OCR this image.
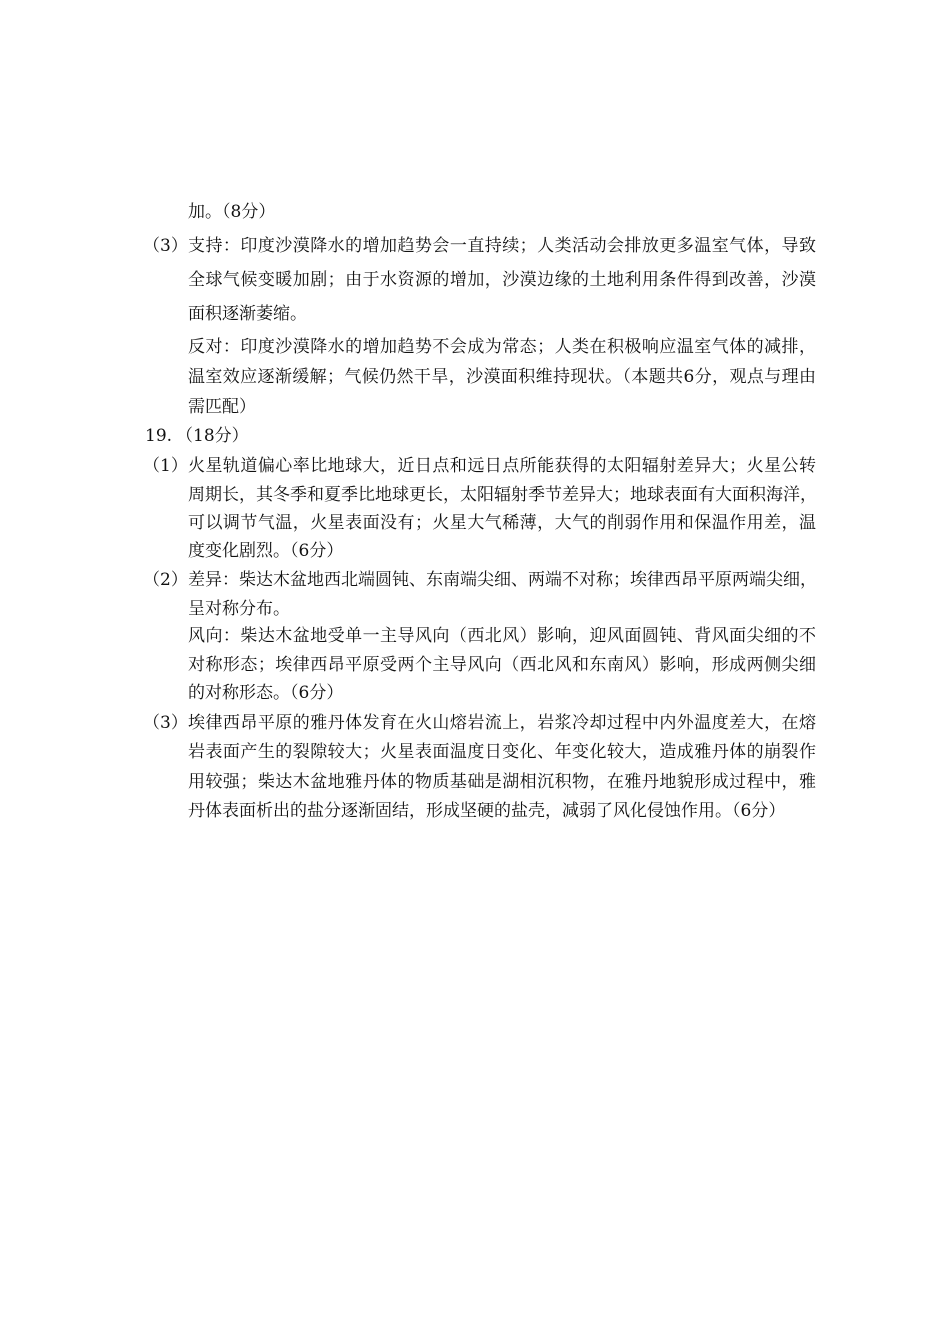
加。（8分）
（3） 支持：印度沙漠降水的增加趋势会一直持续；人类活动会排放更多温室气体，导致
全球气候变暖加剧；由于水资源的增加，沙漠边缘的土地利用条件得到改善，沙漠
面积逐渐萎缩。
反对：印度沙漠降水的增加趋势不会成为常态；人类在积极响应温室气体的减排，
温室效应逐渐缓解；气候仍然干旱，沙漠面积维持现状。（本题共6分，观点与理由
需匹配）
19. （18分）
（1） 火星轨道偏心率比地球大，近日点和远日点所能获得的太阳辐射差异大；火星公转
周期长，其冬季和夏季比地球更长，太阳辐射季节差异大；地球表面有大面积海洋，
可以调节气温，火星表面没有；火星大气稀薄，大气的削弱作用和保温作用差，温
度变化剧烈。（6分）
（2） 差异：柴达木盆地西北端圆钝、东南端尖细、两端不对称；埃律西昂平原两端尖细，
呈对称分布。
风向：柴达木盆地受单一主导风向（西北风）影响，迎风面圆钝、背风面尖细的不
对称形态；埃律西昂平原受两个主导风向（西北风和东南风）影响，形成两侧尖细
的对称形态。（6分）
（3） 埃律西昂平原的雅丹体发育在火山熔岩流上，岩浆冷却过程中内外温度差大，在熔
岩表面产生的裂隙较大；火星表面温度日变化、年变化较大，造成雅丹体的崩裂作
用较强；柴达木盆地雅丹体的物质基础是湖相沉积物，在雅丹地貌形成过程中，雅
丹体表面析出的盐分逐渐固结，形成坚硬的盐壳，减弱了风化侵蚀作用。（6分）
